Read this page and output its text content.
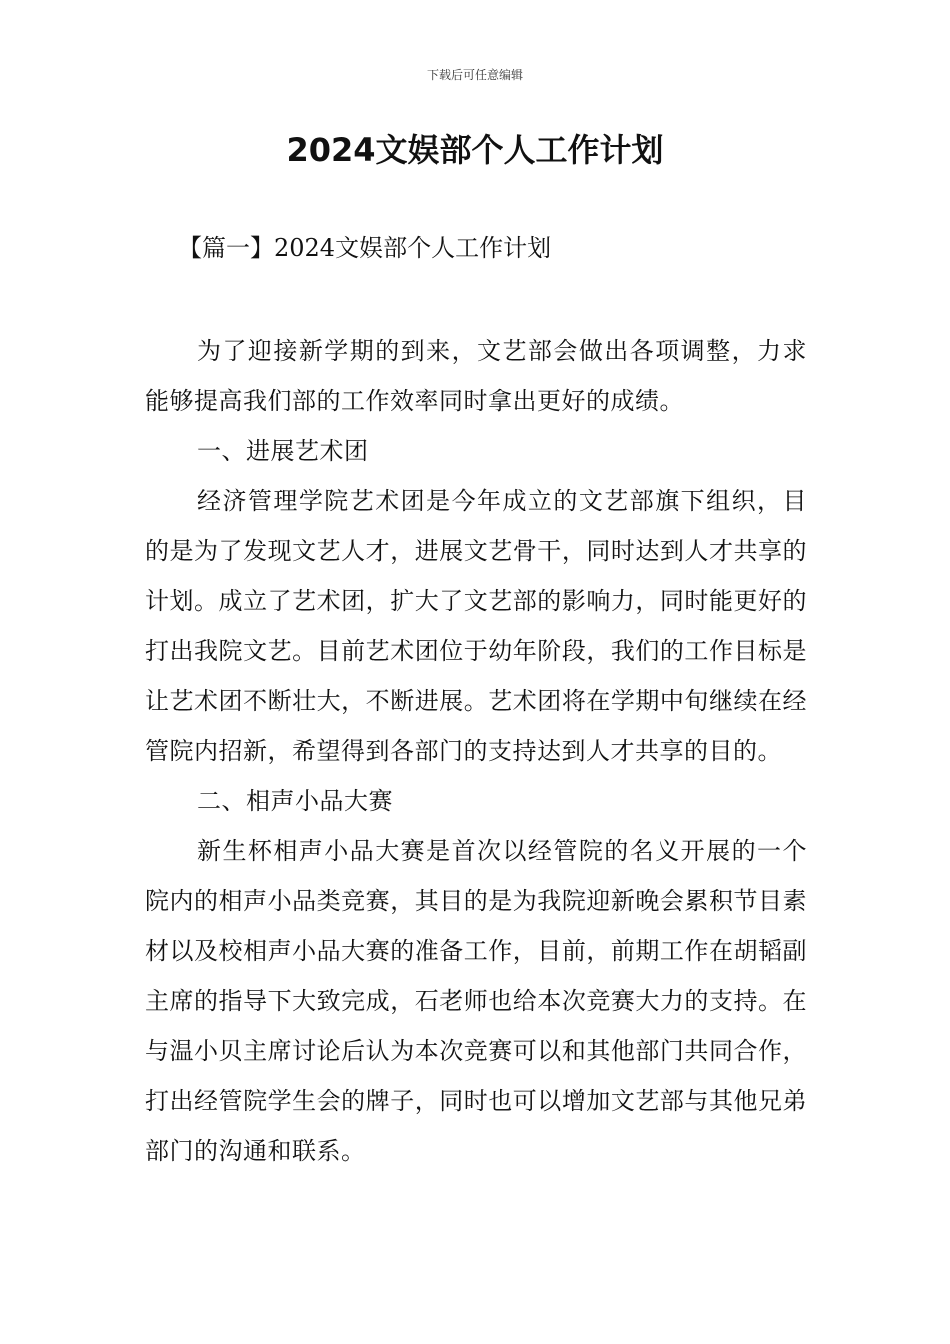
下载后可任意编辑
2024文娱部个人工作计划
【篇一】2024文娱部个人工作计划

为了迎接新学期的到来，文艺部会做出各项调整，力求能够提高我们部的工作效率同时拿出更好的成绩。

一、进展艺术团

经济管理学院艺术团是今年成立的文艺部旗下组织，目的是为了发现文艺人才，进展文艺骨干，同时达到人才共享的计划。成立了艺术团，扩大了文艺部的影响力，同时能更好的打出我院文艺。目前艺术团位于幼年阶段，我们的工作目标是让艺术团不断壮大，不断进展。艺术团将在学期中旬继续在经管院内招新，希望得到各部门的支持达到人才共享的目的。

二、相声小品大赛

新生杯相声小品大赛是首次以经管院的名义开展的一个院内的相声小品类竞赛，其目的是为我院迎新晚会累积节目素材以及校相声小品大赛的准备工作，目前，前期工作在胡韬副主席的指导下大致完成，石老师也给本次竞赛大力的支持。在与温小贝主席讨论后认为本次竞赛可以和其他部门共同合作，打出经管院学生会的牌子，同时也可以增加文艺部与其他兄弟部门的沟通和联系。
